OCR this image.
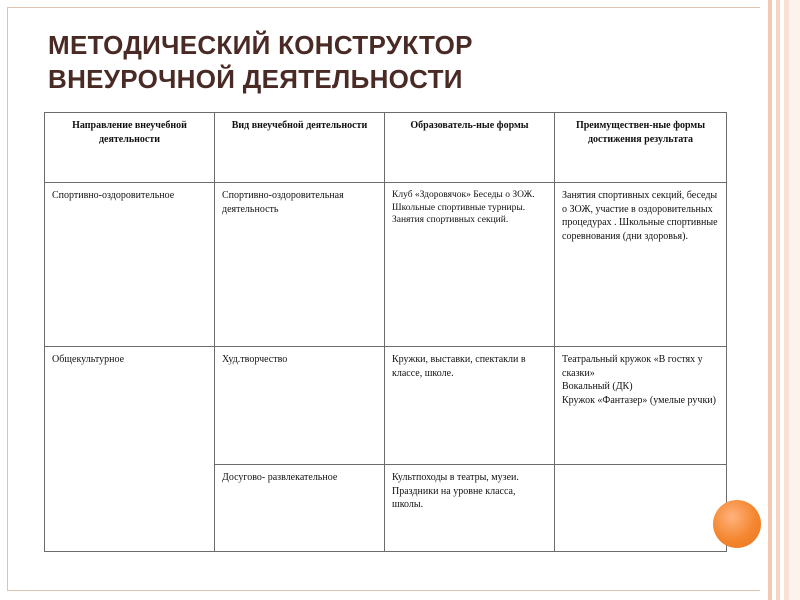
МЕТОДИЧЕСКИЙ КОНСТРУКТОР
ВНЕУРОЧНОЙ ДЕЯТЕЛЬНОСТИ
Направление внеучебной деятельности	Вид внеучебной деятельности	Образователь-ные формы	Преимуществен-ные формы достижения результата
Спортивно-оздоровительное	Спортивно-оздоровительная деятельность	Клуб «Здоровячок» Беседы о ЗОЖ. Школьные спортивные турниры. Занятия спортивных секций.	Занятия спортивных секций, беседы о ЗОЖ, участие в оздоровительных процедурах . Школьные спортивные соревнования (дни здоровья).
Общекультурное	Худ.творчество	Кружки, выставки, спектакли в классе, школе.	Театральный кружок «В гостях у сказки»
Вокальный (ДК)
Кружок «Фантазер» (умелые ручки)

	Досугово- развлекательное	Культпоходы в театры, музеи. Праздники на уровне класса, школы.	
